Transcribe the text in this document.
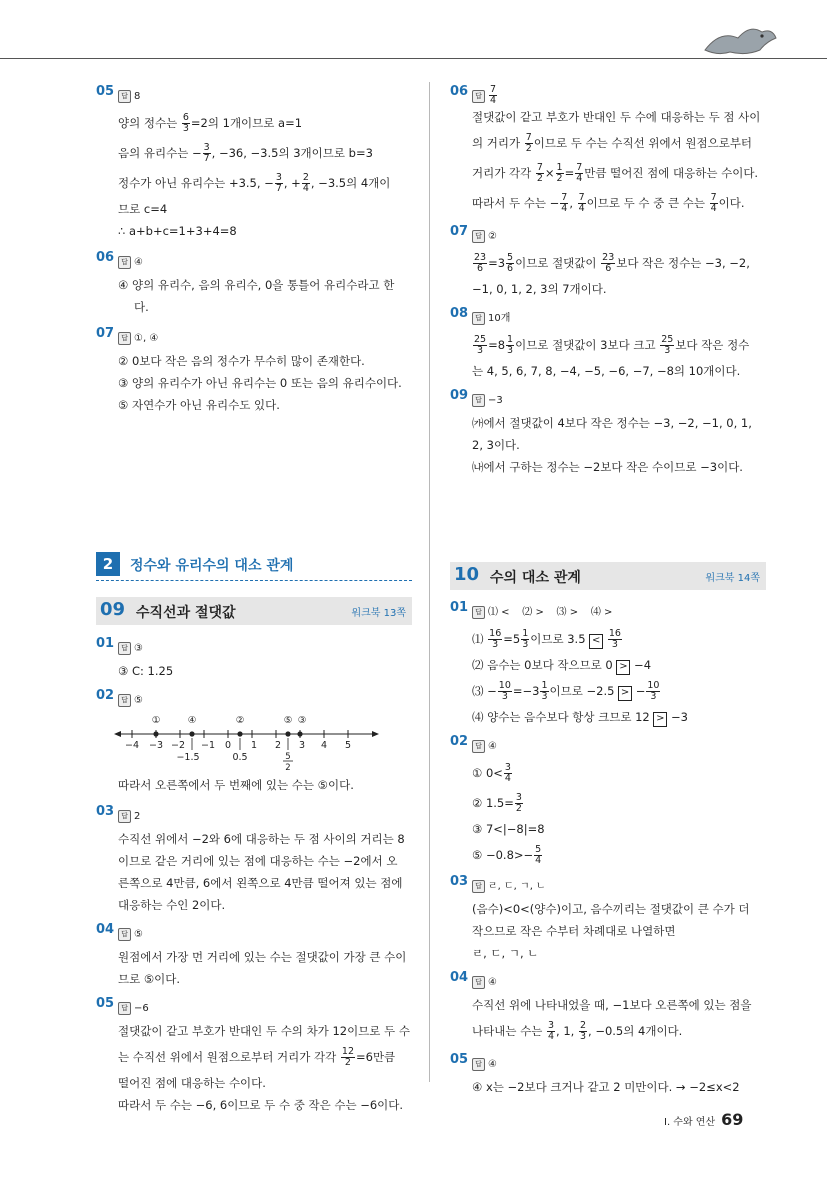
05	답 8
양의 정수는 $\frac{6}{3} =2$의 1개이므로 a=1
음의 유리수는 − $\frac{3}{7}$ , −36, −3.5의 3개이므로 b=3
정수가 아닌 유리수는 +3.5, − $\frac{3}{7}$ , + $\frac{2}{4}$ , −3.5의 4개이
므로 c=4
∴ a+b+c=1+3+4=8
06	답 ④
④ 양의 유리수, 음의 유리수, 0을 통틀어 유리수라고 한
다.
07	답 ①, ④
② 0보다 작은 음의 정수가 무수히 많이 존재한다.
③ 양의 유리수가 아닌 유리수는 0 또는 음의 유리수이다.
⑤ 자연수가 아닌 유리수도 있다.
06	답 $\frac{7}{4}$
절댓값이 같고 부호가 반대인 두 수에 대응하는 두 점 사이
의 거리가 $\frac{7}{2}$ 이므로 두 수는 수직선 위에서 원점으로부터
거리가 각각 $\frac{7}{2} \times \frac{1}{2} = \frac{7}{4}$ 만큼 떨어진 점에 대응하는 수이다.
따라서 두 수는 − $\frac{7}{4}$ , $\frac{7}{4}$ 이므로 두 수 중 큰 수는 $\frac{7}{4}$ 이다.
07	답 ②
$\frac{23}{6} =3 \frac{5}{6}$ 이므로 절댓값이 $\frac{23}{6}$ 보다 작은 정수는 −3, −2,
−1, 0, 1, 2, 3의 7개이다.
08	답 10개
$\frac{25}{3} =8 \frac{1}{3}$ 이므로 절댓값이 3보다 크고 $\frac{25}{3}$ 보다 작은 정수
는 4, 5, 6, 7, 8, −4, −5, −6, −7, −8의 10개이다.
09	답 −3
㈎에서 절댓값이 4보다 작은 정수는 −3, −2, −1, 0, 1,
2, 3이다.
㈏에서 구하는 정수는 −2보다 작은 수이므로 −3이다.
2	정수와 유리수의 대소 관계
09 수직선과 절댓값	워크북 13쪽
10 수의 대소 관계	워크북 14쪽
01	답 ③
③ C: 1.25
02	답 ⑤
−4 −3 −2 −1 0 1 2 3 4 5
①	④	②	⑤ ③
−1.5	0.5	5
2
따라서 오른쪽에서 두 번째에 있는 수는 ⑤이다.
03	답 2
수직선 위에서 −2와 6에 대응하는 두 점 사이의 거리는 8
이므로 같은 거리에 있는 점에 대응하는 수는 −2에서 오
른쪽으로 4만큼, 6에서 왼쪽으로 4만큼 떨어져 있는 점에
대응하는 수인 2이다.
04	답 ⑤
원점에서 가장 먼 거리에 있는 수는 절댓값이 가장 큰 수이
므로 ⑤이다.
05	답 −6
절댓값이 같고 부호가 반대인 두 수의 차가 12이므로 두 수
는 수직선 위에서 원점으로부터 거리가 각각 $\frac{12}{2} =6$만큼
떨어진 점에 대응하는 수이다.
따라서 두 수는 −6, 6이므로 두 수 중 작은 수는 −6이다.
01	답 ⑴ <    ⑵ >    ⑶ >    ⑷ >
⑴ $\frac{16}{3} =5 \frac{1}{3}$ 이므로 $3.5 < \frac{16}{3}$
⑵ 음수는 0보다 작으므로 0 > −4
⑶ − $\frac{10}{3} =-3 \frac{1}{3}$ 이므로 −2.5 > − $\frac{10}{3}$
⑷ 양수는 음수보다 항상 크므로 12 > −3
02	답 ④
① $0< \frac{3}{4}$
② $1.5= \frac{3}{2}$
③ 7<|−8|=8
⑤ $-0.8>- \frac{5}{4}$
03	답 ㄹ, ㄷ, ㄱ, ㄴ
(음수)<0<(양수)이고, 음수끼리는 절댓값이 큰 수가 더
작으므로 작은 수부터 차례대로 나열하면
ㄹ, ㄷ, ㄱ, ㄴ
04	답 ④
수직선 위에 나타내었을 때, −1보다 오른쪽에 있는 점을
나타내는 수는 $\frac{3}{4}$ , 1, $\frac{2}{3}$ , −0.5의 4개이다.
05	답 ④
④ x는 −2보다 크거나 같고 2 미만이다. → −2≤x<2
I. 수와 연산 69
